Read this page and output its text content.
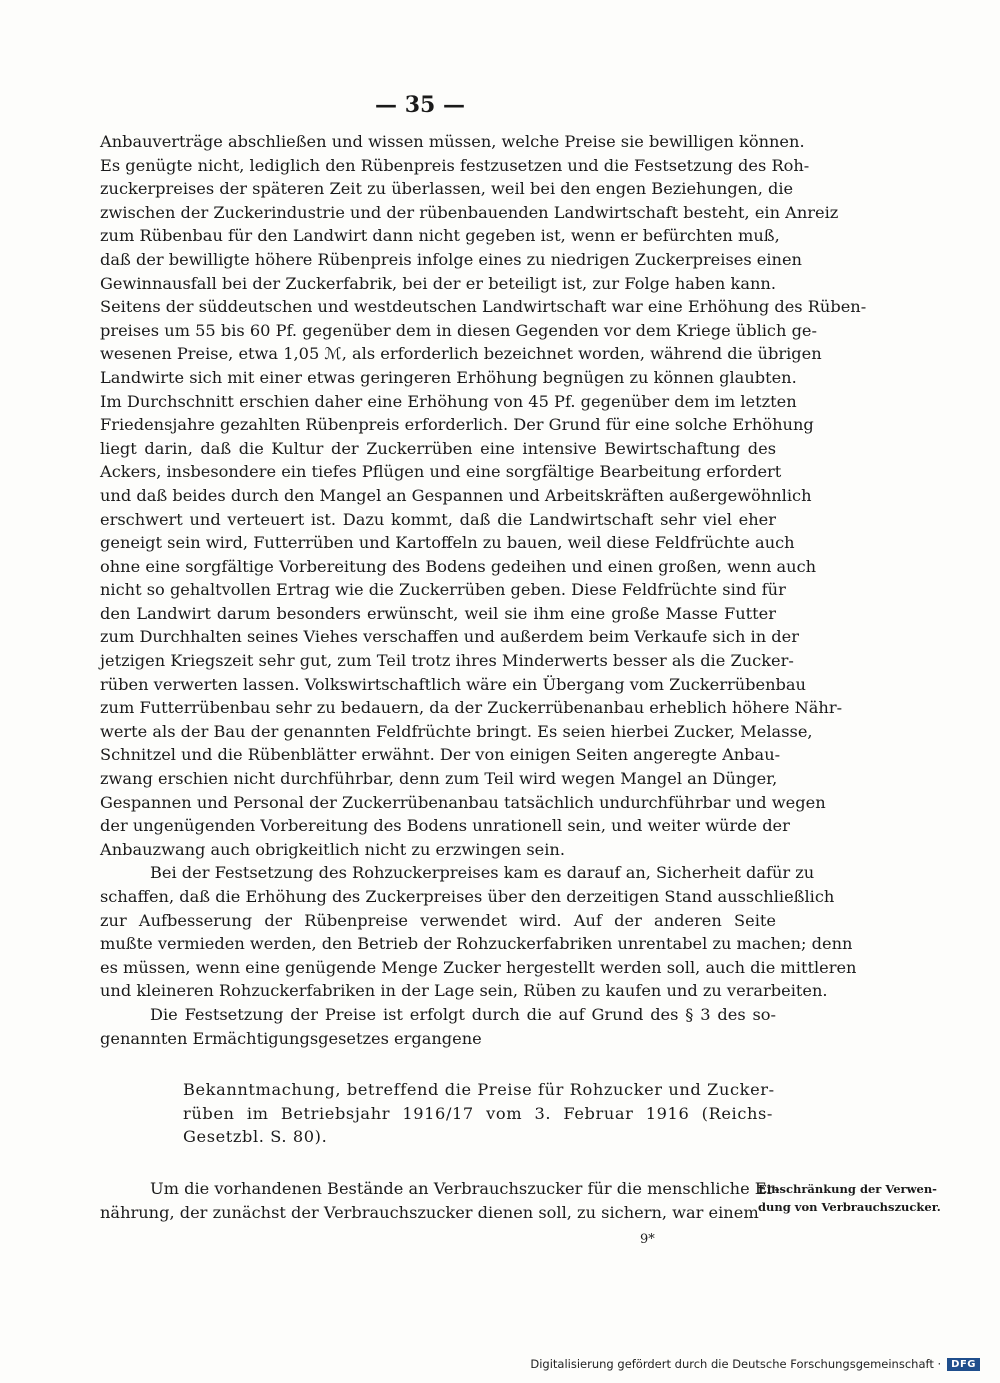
— 35 —
Anbauverträge abschließen und wissen müssen, welche Preise sie bewilligen können.
Es genügte nicht, lediglich den Rübenpreis festzusetzen und die Festsetzung des Roh-
zuckerpreises der späteren Zeit zu überlassen, weil bei den engen Beziehungen, die
zwischen der Zuckerindustrie und der rübenbauenden Landwirtschaft besteht, ein Anreiz
zum Rübenbau für den Landwirt dann nicht gegeben ist, wenn er befürchten muß,
daß der bewilligte höhere Rübenpreis infolge eines zu niedrigen Zuckerpreises einen
Gewinnausfall bei der Zuckerfabrik, bei der er beteiligt ist, zur Folge haben kann.
Seitens der süddeutschen und westdeutschen Landwirtschaft war eine Erhöhung des Rüben-
preises um 55 bis 60 Pf. gegenüber dem in diesen Gegenden vor dem Kriege üblich ge-
wesenen Preise, etwa 1,05 ℳ, als erforderlich bezeichnet worden, während die übrigen
Landwirte sich mit einer etwas geringeren Erhöhung begnügen zu können glaubten.
Im Durchschnitt erschien daher eine Erhöhung von 45 Pf. gegenüber dem im letzten
Friedensjahre gezahlten Rübenpreis erforderlich. Der Grund für eine solche Erhöhung
liegt darin, daß die Kultur der Zuckerrüben eine intensive Bewirtschaftung des
Ackers, insbesondere ein tiefes Pflügen und eine sorgfältige Bearbeitung erfordert
und daß beides durch den Mangel an Gespannen und Arbeitskräften außergewöhnlich
erschwert und verteuert ist. Dazu kommt, daß die Landwirtschaft sehr viel eher
geneigt sein wird, Futterrüben und Kartoffeln zu bauen, weil diese Feldfrüchte auch
ohne eine sorgfältige Vorbereitung des Bodens gedeihen und einen großen, wenn auch
nicht so gehaltvollen Ertrag wie die Zuckerrüben geben. Diese Feldfrüchte sind für
den Landwirt darum besonders erwünscht, weil sie ihm eine große Masse Futter
zum Durchhalten seines Viehes verschaffen und außerdem beim Verkaufe sich in der
jetzigen Kriegszeit sehr gut, zum Teil trotz ihres Minderwerts besser als die Zucker-
rüben verwerten lassen. Volkswirtschaftlich wäre ein Übergang vom Zuckerrübenbau
zum Futterrübenbau sehr zu bedauern, da der Zuckerrübenanbau erheblich höhere Nähr-
werte als der Bau der genannten Feldfrüchte bringt. Es seien hierbei Zucker, Melasse,
Schnitzel und die Rübenblätter erwähnt. Der von einigen Seiten angeregte Anbau-
zwang erschien nicht durchführbar, denn zum Teil wird wegen Mangel an Dünger,
Gespannen und Personal der Zuckerrübenanbau tatsächlich undurchführbar und wegen
der ungenügenden Vorbereitung des Bodens unrationell sein, und weiter würde der
Anbauzwang auch obrigkeitlich nicht zu erzwingen sein.
Bei der Festsetzung des Rohzuckerpreises kam es darauf an, Sicherheit dafür zu
schaffen, daß die Erhöhung des Zuckerpreises über den derzeitigen Stand ausschließlich
zur Aufbesserung der Rübenpreise verwendet wird. Auf der anderen Seite
mußte vermieden werden, den Betrieb der Rohzuckerfabriken unrentabel zu machen; denn
es müssen, wenn eine genügende Menge Zucker hergestellt werden soll, auch die mittleren
und kleineren Rohzuckerfabriken in der Lage sein, Rüben zu kaufen und zu verarbeiten.
Die Festsetzung der Preise ist erfolgt durch die auf Grund des § 3 des so-
genannten Ermächtigungsgesetzes ergangene
Bekanntmachung, betreffend die Preise für Rohzucker und Zucker-
rüben im Betriebsjahr 1916/17 vom 3. Februar 1916 (Reichs-
Gesetzbl. S. 80).
Um die vorhandenen Bestände an Verbrauchszucker für die menschliche Er-
nährung, der zunächst der Verbrauchszucker dienen soll, zu sichern, war einem
Einschränkung der Verwen-
dung von Verbrauchszucker.
9*
Digitalisierung gefördert durch die Deutsche Forschungsgemeinschaft ·	DFG
